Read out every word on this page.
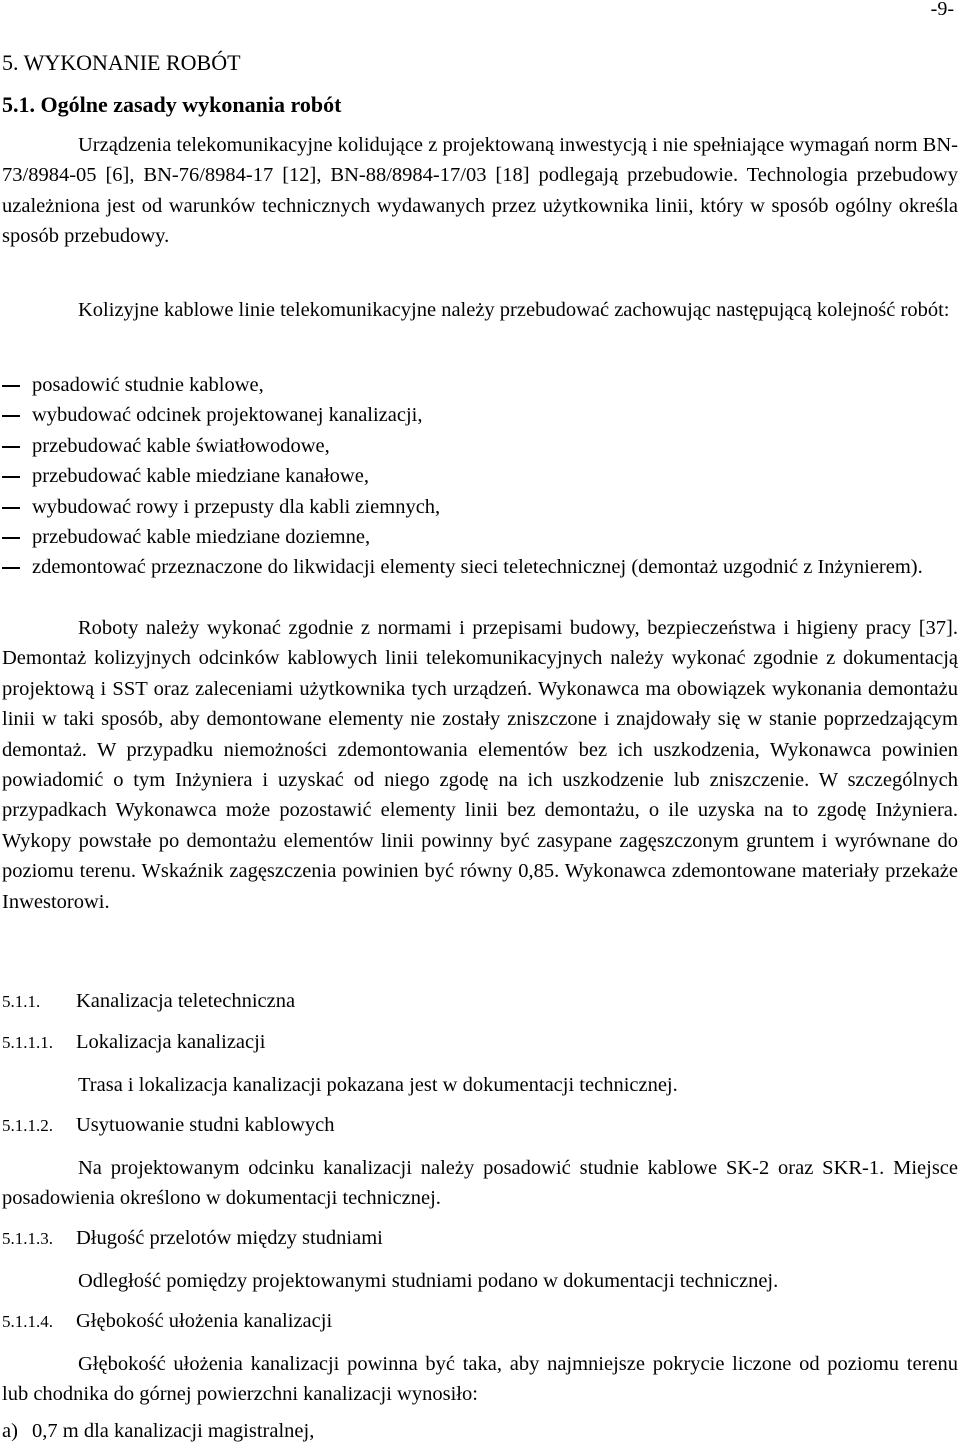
-9-
5. WYKONANIE ROBÓT
5.1. Ogólne zasady wykonania robót
Urządzenia telekomunikacyjne kolidujące z projektowaną inwestycją i nie spełniające wymagań norm BN-73/8984-05 [6], BN-76/8984-17 [12], BN-88/8984-17/03 [18] podlegają przebudowie. Technologia przebudowy uzależniona jest od warunków technicznych wydawanych przez użytkownika linii, który w sposób ogólny określa sposób przebudowy.
Kolizyjne kablowe linie telekomunikacyjne należy przebudować zachowując następującą kolejność robót:
posadowić studnie kablowe,
wybudować odcinek projektowanej kanalizacji,
przebudować kable światłowodowe,
przebudować kable miedziane kanałowe,
wybudować rowy i przepusty dla kabli ziemnych,
przebudować kable miedziane doziemne,
zdemontować przeznaczone do likwidacji elementy sieci teletechnicznej (demontaż uzgodnić z Inżynierem).
Roboty należy wykonać zgodnie z normami i przepisami budowy, bezpieczeństwa i higieny pracy [37]. Demontaż kolizyjnych odcinków kablowych linii telekomunikacyjnych należy wykonać zgodnie z dokumentacją projektową i SST oraz zaleceniami użytkownika tych urządzeń. Wykonawca ma obowiązek wykonania demontażu linii w taki sposób, aby demontowane elementy nie zostały zniszczone i znajdowały się w stanie poprzedzającym demontaż. W przypadku niemożności zdemontowania elementów bez ich uszkodzenia, Wykonawca powinien powiadomić o tym Inżyniera i uzyskać od niego zgodę na ich uszkodzenie lub zniszczenie. W szczególnych przypadkach Wykonawca może pozostawić elementy linii bez demontażu, o ile uzyska na to zgodę Inżyniera. Wykopy powstałe po demontażu elementów linii powinny być zasypane zagęszczonym gruntem i wyrównane do poziomu terenu. Wskaźnik zagęszczenia powinien być równy 0,85. Wykonawca zdemontowane materiały przekaże Inwestorowi.
5.1.1. Kanalizacja teletechniczna
5.1.1.1. Lokalizacja kanalizacji
Trasa i lokalizacja kanalizacji pokazana jest w dokumentacji technicznej.
5.1.1.2. Usytuowanie studni kablowych
Na projektowanym odcinku kanalizacji należy posadowić studnie kablowe SK-2 oraz SKR-1. Miejsce posadowienia określono w dokumentacji technicznej.
5.1.1.3. Długość przelotów między studniami
Odległość pomiędzy projektowanymi studniami podano w dokumentacji technicznej.
5.1.1.4. Głębokość ułożenia kanalizacji
Głębokość ułożenia kanalizacji powinna być taka, aby najmniejsze pokrycie liczone od poziomu terenu lub chodnika do górnej powierzchni kanalizacji wynosiło:
a) 0,7 m dla kanalizacji magistralnej,
